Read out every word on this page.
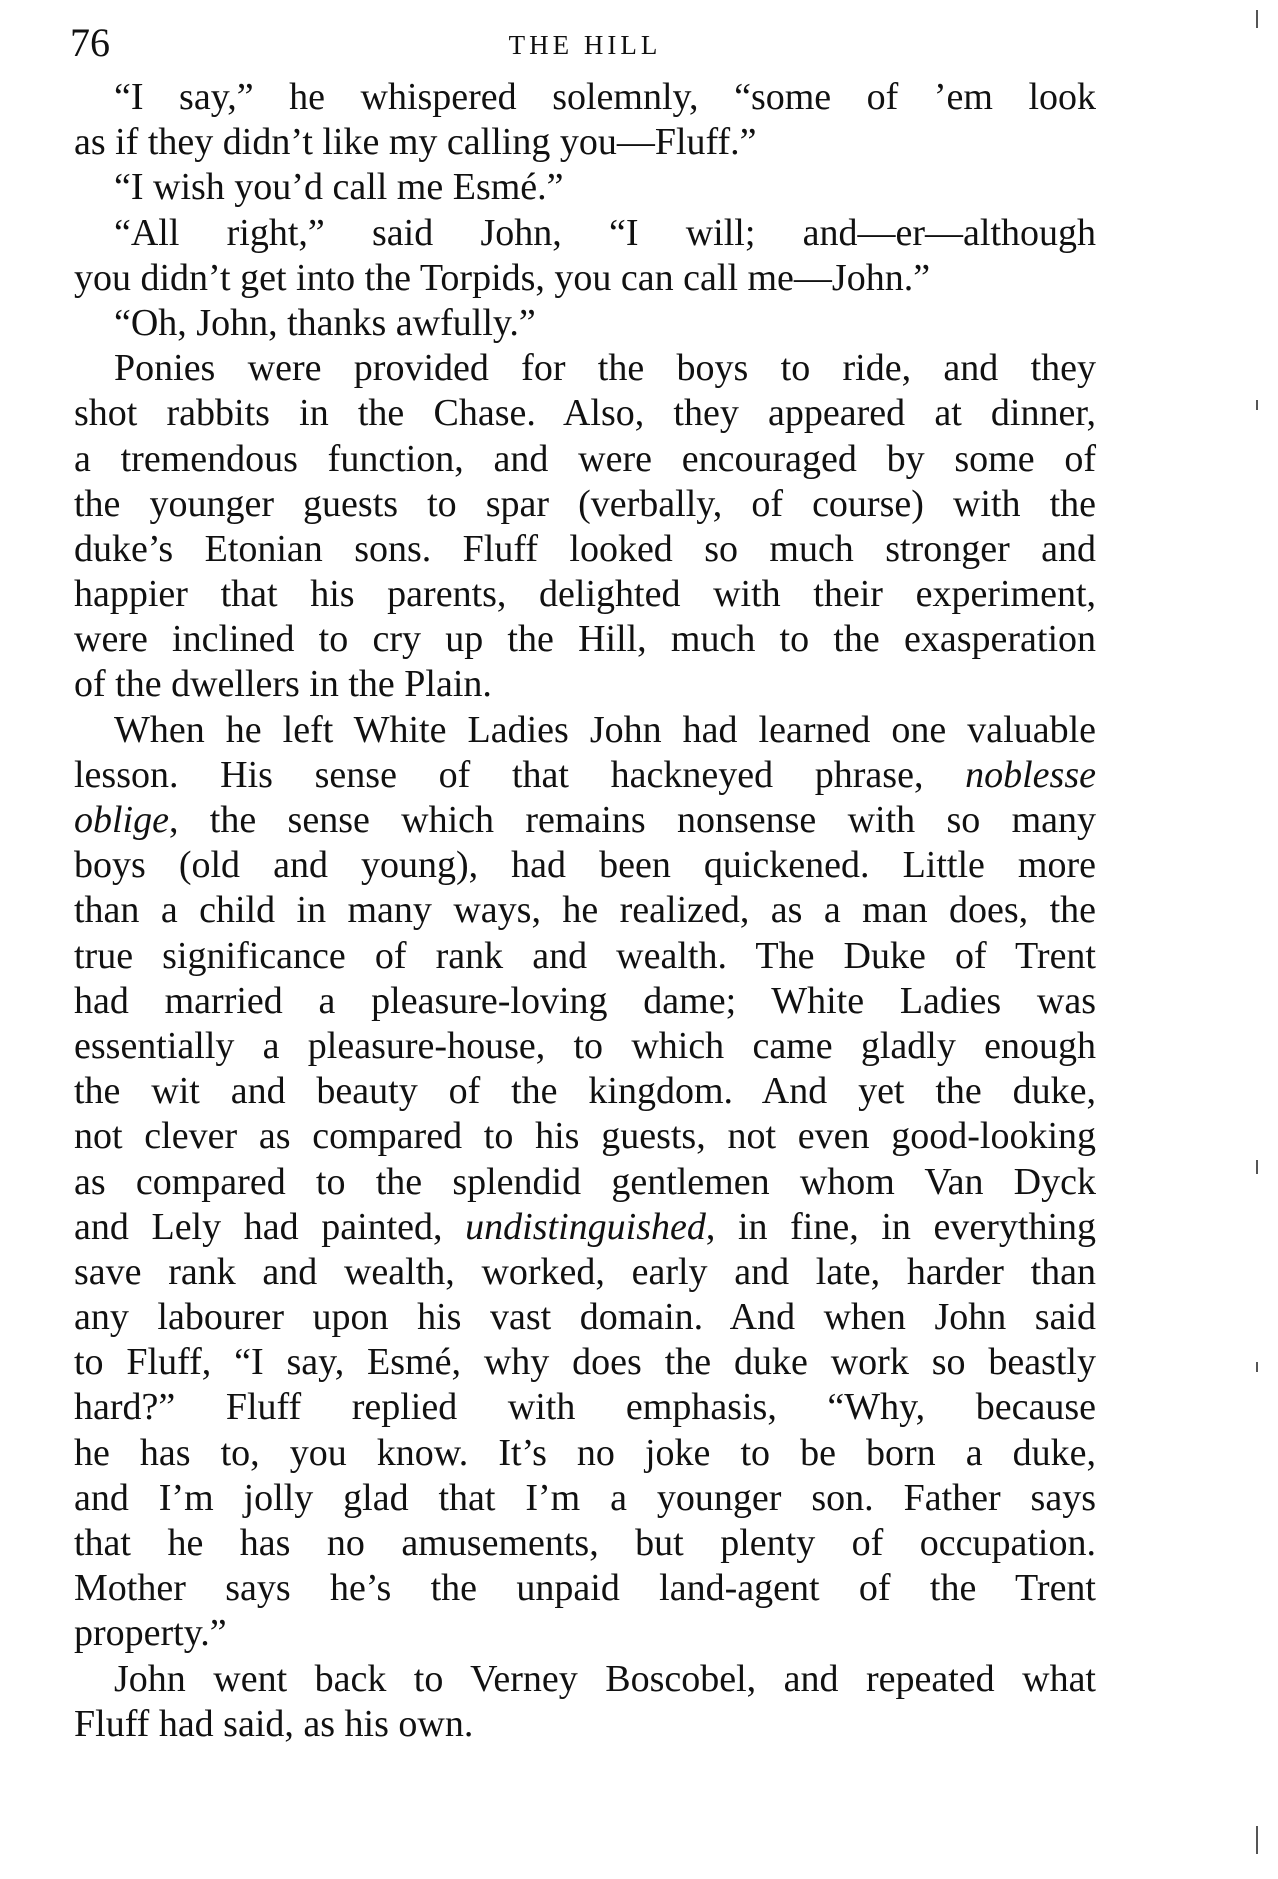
76	THE HILL
“I say,” he whispered solemnly, “some of ’em look
as if they didn’t like my calling you—Fluff.”
“I wish you’d call me Esmé.”
“All right,” said John, “I will; and—er—although
you didn’t get into the Torpids, you can call me—John.”
“Oh, John, thanks awfully.”
Ponies were provided for the boys to ride, and they
shot rabbits in the Chase. Also, they appeared at dinner,
a tremendous function, and were encouraged by some of
the younger guests to spar (verbally, of course) with the
duke’s Etonian sons. Fluff looked so much stronger and
happier that his parents, delighted with their experiment,
were inclined to cry up the Hill, much to the exasperation
of the dwellers in the Plain.
When he left White Ladies John had learned one valuable
lesson. His sense of that hackneyed phrase, noblesse
oblige, the sense which remains nonsense with so many
boys (old and young), had been quickened. Little more
than a child in many ways, he realized, as a man does, the
true significance of rank and wealth. The Duke of Trent
had married a pleasure-loving dame; White Ladies was
essentially a pleasure-house, to which came gladly enough
the wit and beauty of the kingdom. And yet the duke,
not clever as compared to his guests, not even good-looking
as compared to the splendid gentlemen whom Van Dyck
and Lely had painted, undistinguished, in fine, in everything
save rank and wealth, worked, early and late, harder than
any labourer upon his vast domain. And when John said
to Fluff, “I say, Esmé, why does the duke work so beastly
hard?” Fluff replied with emphasis, “Why, because
he has to, you know. It’s no joke to be born a duke,
and I’m jolly glad that I’m a younger son. Father says
that he has no amusements, but plenty of occupation.
Mother says he’s the unpaid land-agent of the Trent
property.”
John went back to Verney Boscobel, and repeated what
Fluff had said, as his own.
